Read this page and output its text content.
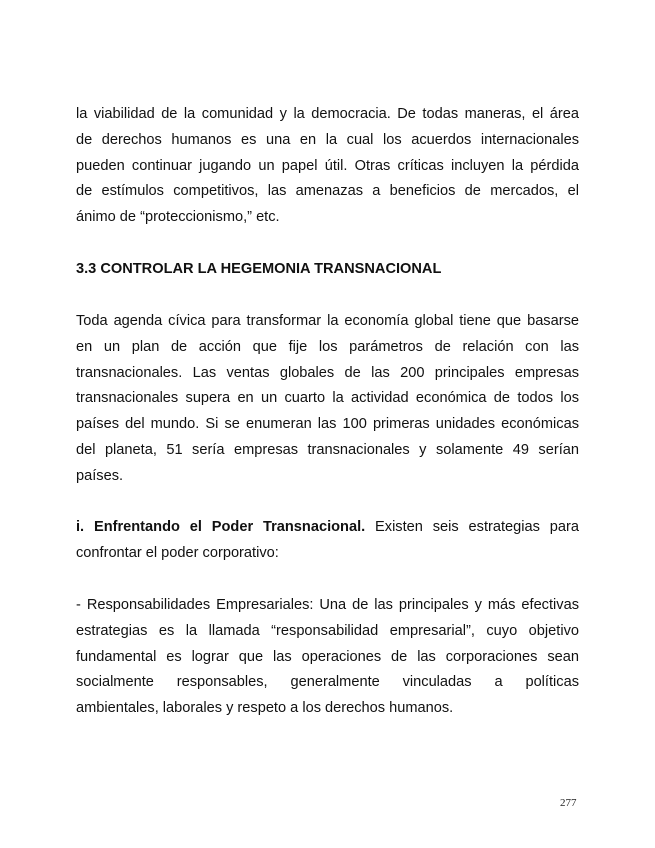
la viabilidad de la comunidad y la democracia. De todas maneras, el área
de derechos humanos es una en la cual los acuerdos internacionales
pueden continuar jugando un papel útil. Otras críticas incluyen la pérdida
de estímulos competitivos, las amenazas a beneficios de mercados, el
ánimo de “proteccionismo,” etc.
3.3 CONTROLAR LA HEGEMONIA TRANSNACIONAL
Toda agenda cívica para transformar la economía global tiene que basarse
en un plan de acción que fije los parámetros de relación con las
transnacionales. Las ventas globales de las 200 principales empresas
transnacionales supera en un cuarto la actividad económica de todos los
países del mundo. Si se enumeran las 100 primeras unidades económicas
del planeta, 51 sería empresas transnacionales y solamente 49 serían
países.
i. Enfrentando el Poder Transnacional. Existen seis estrategias para
confrontar el poder corporativo:
- Responsabilidades Empresariales: Una de las principales y más efectivas
estrategias es la llamada “responsabilidad empresarial”, cuyo objetivo
fundamental es lograr que las operaciones de las corporaciones sean
socialmente responsables, generalmente vinculadas a políticas
ambientales, laborales y respeto a los derechos humanos.
277
